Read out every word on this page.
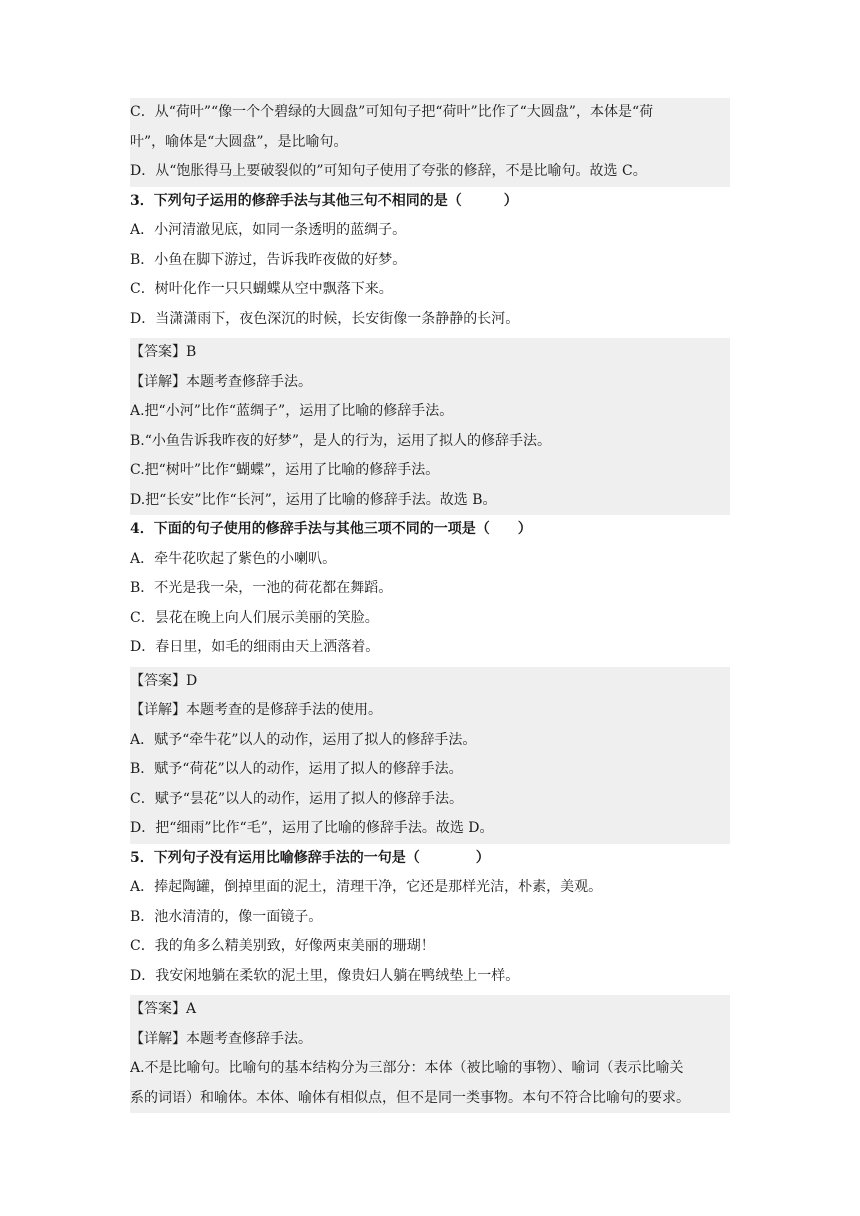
C．从“荷叶”“像一个个碧绿的大圆盘”可知句子把“荷叶”比作了“大圆盘”，本体是“荷
叶”，喻体是“大圆盘”，是比喻句。
D．从“饱胀得马上要破裂似的”可知句子使用了夸张的修辞，不是比喻句。故选 C。
3．下列句子运用的修辞手法与其他三句不相同的是（　　　）
A．小河清澈见底，如同一条透明的蓝绸子。
B．小鱼在脚下游过，告诉我昨夜做的好梦。
C．树叶化作一只只蝴蝶从空中飘落下来。
D．当潇潇雨下，夜色深沉的时候，长安街像一条静静的长河。
【答案】B
【详解】本题考查修辞手法。
A.把“小河”比作“蓝绸子”，运用了比喻的修辞手法。
B.“小鱼告诉我昨夜的好梦”，是人的行为，运用了拟人的修辞手法。
C.把“树叶”比作“蝴蝶”，运用了比喻的修辞手法。
D.把“长安”比作“长河”，运用了比喻的修辞手法。故选 B。
4．下面的句子使用的修辞手法与其他三项不同的一项是（　　）
A．牵牛花吹起了紫色的小喇叭。
B．不光是我一朵，一池的荷花都在舞蹈。
C．昙花在晚上向人们展示美丽的笑脸。
D．春日里，如毛的细雨由天上洒落着。
【答案】D
【详解】本题考查的是修辞手法的使用。
A．赋予“牵牛花”以人的动作，运用了拟人的修辞手法。
B．赋予“荷花”以人的动作，运用了拟人的修辞手法。
C．赋予“昙花”以人的动作，运用了拟人的修辞手法。
D．把“细雨”比作“毛”，运用了比喻的修辞手法。故选 D。
5．下列句子没有运用比喻修辞手法的一句是（　　　　）
A．捧起陶罐，倒掉里面的泥土，清理干净，它还是那样光洁，朴素，美观。
B．池水清清的，像一面镜子。
C．我的角多么精美别致，好像两束美丽的珊瑚！
D．我安闲地躺在柔软的泥土里，像贵妇人躺在鸭绒垫上一样。
【答案】A
【详解】本题考查修辞手法。
A.不是比喻句。比喻句的基本结构分为三部分：本体（被比喻的事物）、喻词（表示比喻关
系的词语）和喻体。本体、喻体有相似点，但不是同一类事物。本句不符合比喻句的要求。
